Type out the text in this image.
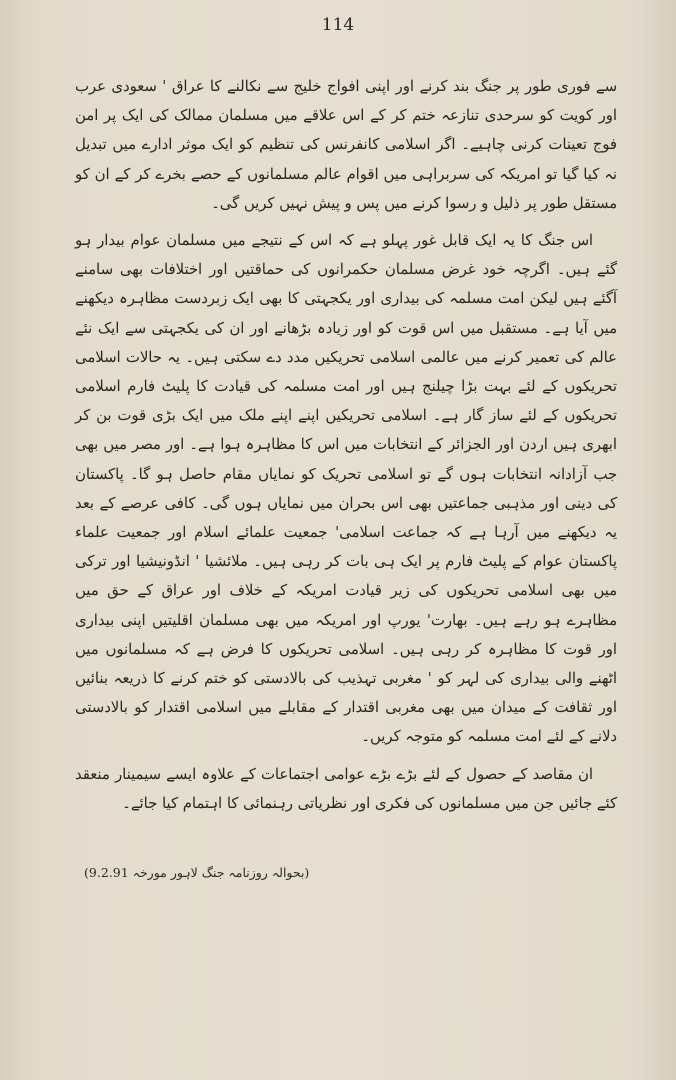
114

سے فوری طور پر جنگ بند کرنے اور اپنی افواج خلیج سے نکالنے کا عراق ' سعودی عرب اور کویت کو سرحدی تنازعہ ختم کر کے اس علاقے میں مسلمان ممالک کی ایک پر امن فوج تعینات کرنی چاہیے۔ اگر اسلامی کانفرنس کی تنظیم کو ایک موثر ادارے میں تبدیل نہ کیا گیا تو امریکہ کی سربراہی میں اقوام عالم مسلمانوں کے حصے بخرے کر کے ان کو مستقل طور پر ذلیل و رسوا کرنے میں پس و پیش نہیں کریں گی۔

اس جنگ کا یہ ایک قابل غور پہلو ہے کہ اس کے نتیجے میں مسلمان عوام بیدار ہو گئے ہیں۔ اگرچہ خود غرض مسلمان حکمرانوں کی حماقتیں اور اختلافات بھی سامنے آگئے ہیں لیکن امت مسلمہ کی بیداری اور یکجہتی کا بھی ایک زبردست مظاہرہ دیکھنے میں آیا ہے۔ مستقبل میں اس قوت کو اور زیادہ بڑھانے اور ان کی یکجہتی سے ایک نئے عالم کی تعمیر کرنے میں عالمی اسلامی تحریکیں مدد دے سکتی ہیں۔ یہ حالات اسلامی تحریکوں کے لئے بہت بڑا چیلنج ہیں اور امت مسلمہ کی قیادت کا پلیٹ فارم اسلامی تحریکوں کے لئے ساز گار ہے۔ اسلامی تحریکیں اپنے اپنے ملک میں ایک بڑی قوت بن کر ابھری ہیں اردن اور الجزائر کے انتخابات میں اس کا مظاہرہ ہوا ہے۔ اور مصر میں بھی جب آزادانہ انتخابات ہوں گے تو اسلامی تحریک کو نمایاں مقام حاصل ہو گا۔ پاکستان کی دینی اور مذہبی جماعتیں بھی اس بحران میں نمایاں ہوں گی۔ کافی عرصے کے بعد یہ دیکھنے میں آرہا ہے کہ جماعت اسلامی' جمعیت علمائے اسلام اور جمعیت علماء پاکستان عوام کے پلیٹ فارم پر ایک ہی بات کر رہی ہیں۔ ملائشیا ' انڈونیشیا اور ترکی میں بھی اسلامی تحریکوں کی زیر قیادت امریکہ کے خلاف اور عراق کے حق میں مظاہرے ہو رہے ہیں۔ بھارت' یورپ اور امریکہ میں بھی مسلمان اقلیتیں اپنی بیداری اور قوت کا مظاہرہ کر رہی ہیں۔ اسلامی تحریکوں کا فرض ہے کہ مسلمانوں میں اٹھنے والی بیداری کی لہر کو ' مغربی تہذیب کی بالادستی کو ختم کرنے کا ذریعہ بنائیں اور ثقافت کے میدان میں بھی مغربی اقتدار کے مقابلے میں اسلامی اقتدار کو بالادستی دلانے کے لئے امت مسلمہ کو متوجہ کریں۔

ان مقاصد کے حصول کے لئے بڑے بڑے عوامی اجتماعات کے علاوہ ایسے سیمینار منعقد کئے جائیں جن میں مسلمانوں کی فکری اور نظریاتی رہنمائی کا اہتمام کیا جائے۔

(بحوالہ روزنامہ جنگ لاہور مورخہ 9.2.91)
